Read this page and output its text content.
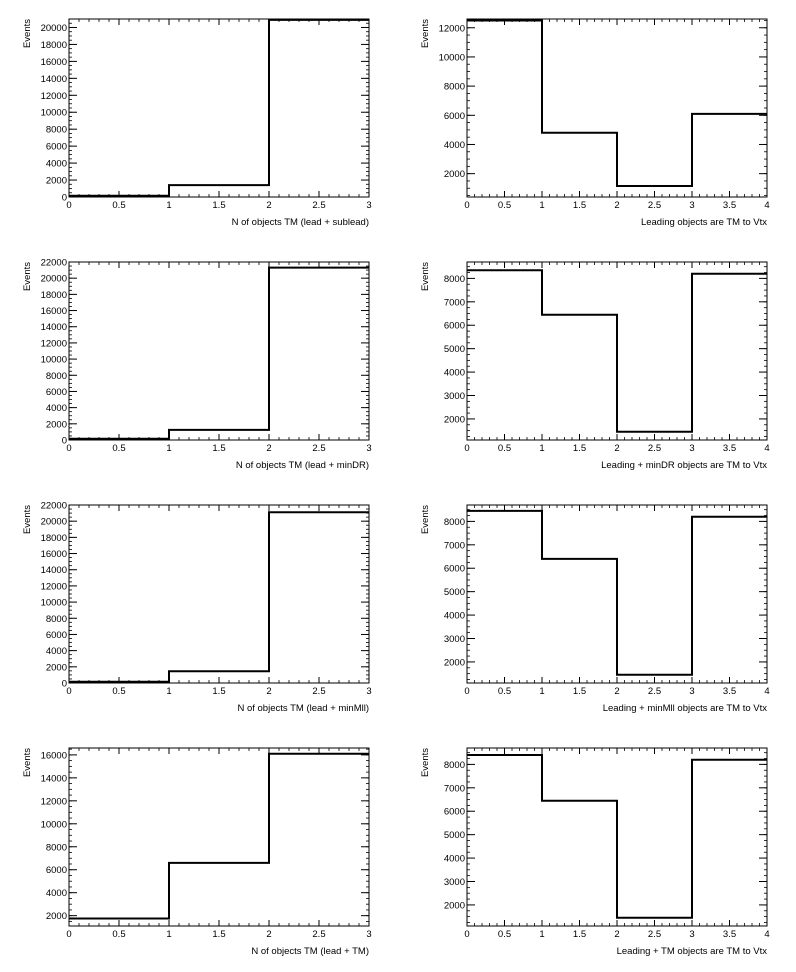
0	0.5	1	1.5	2	2.5	3
0
2000
4000
6000
8000
10000
12000
14000
16000
18000
20000
N of objects TM (lead + sublead)
Events
0	0.5	1	1.5	2	2.5	3	3.5	4
2000
4000
6000
8000
10000
12000
Leading objects are TM to Vtx
Events
0	0.5	1	1.5	2	2.5	3
0
2000
4000
6000
8000
10000
12000
14000
16000
18000
20000
22000
N of objects TM (lead + minDR)
Events
0	0.5	1	1.5	2	2.5	3	3.5	4
2000
3000
4000
5000
6000
7000
8000
Leading + minDR objects are TM to Vtx
Events
0	0.5	1	1.5	2	2.5	3
0
2000
4000
6000
8000
10000
12000
14000
16000
18000
20000
22000
N of objects TM (lead + minMll)
Events
0	0.5	1	1.5	2	2.5	3	3.5	4
2000
3000
4000
5000
6000
7000
8000
Leading + minMll objects are TM to Vtx
Events
0	0.5	1	1.5	2	2.5	3
2000
4000
6000
8000
10000
12000
14000
16000
N of objects TM (lead + TM)
Events
0	0.5	1	1.5	2	2.5	3	3.5	4
2000
3000
4000
5000
6000
7000
8000
Leading + TM objects are TM to Vtx
Events
